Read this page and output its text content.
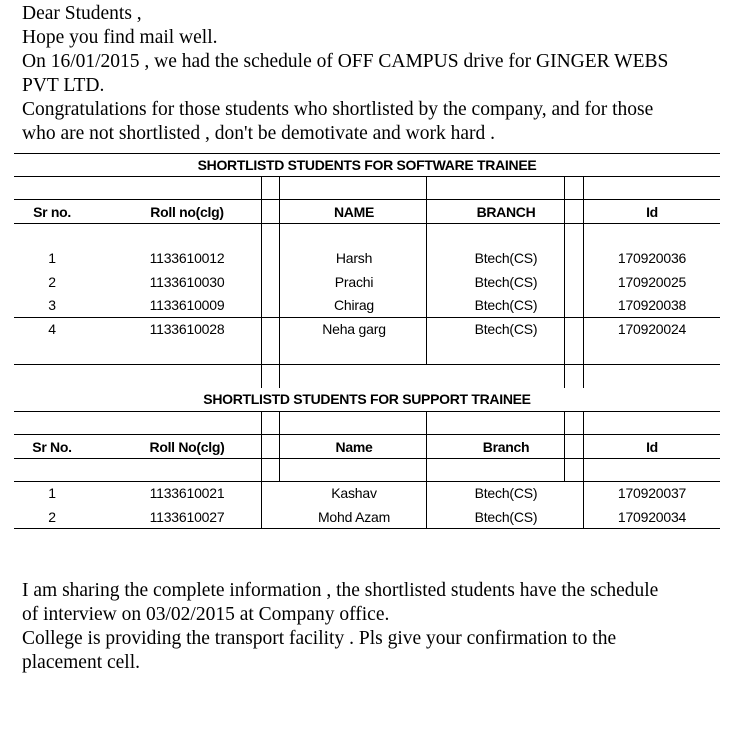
Dear Students ,
Hope you find mail well.
On 16/01/2015 , we had the schedule of OFF CAMPUS drive for GINGER WEBS
PVT LTD.
Congratulations for those students who shortlisted by the company, and for those
who are not shortlisted , don't be demotivate and work hard .
SHORTLISTD STUDENTS FOR SOFTWARE TRAINEE
Sr no.	Roll no(clg)	NAME	BRANCH	Id
1	1133610012	Harsh	Btech(CS)	170920036
2	1133610030	Prachi	Btech(CS)	170920025
3	1133610009	Chirag	Btech(CS)	170920038
4	1133610028	Neha garg	Btech(CS)	170920024
SHORTLISTD STUDENTS FOR SUPPORT TRAINEE
Sr No.	Roll No(clg)	Name	Branch	Id
1	1133610021	Kashav	Btech(CS)	170920037
2	1133610027	Mohd Azam	Btech(CS)	170920034
I am sharing the complete information , the shortlisted students have the schedule
of interview on 03/02/2015 at Company office.
College is providing the transport facility . Pls give your confirmation to the
placement cell.
